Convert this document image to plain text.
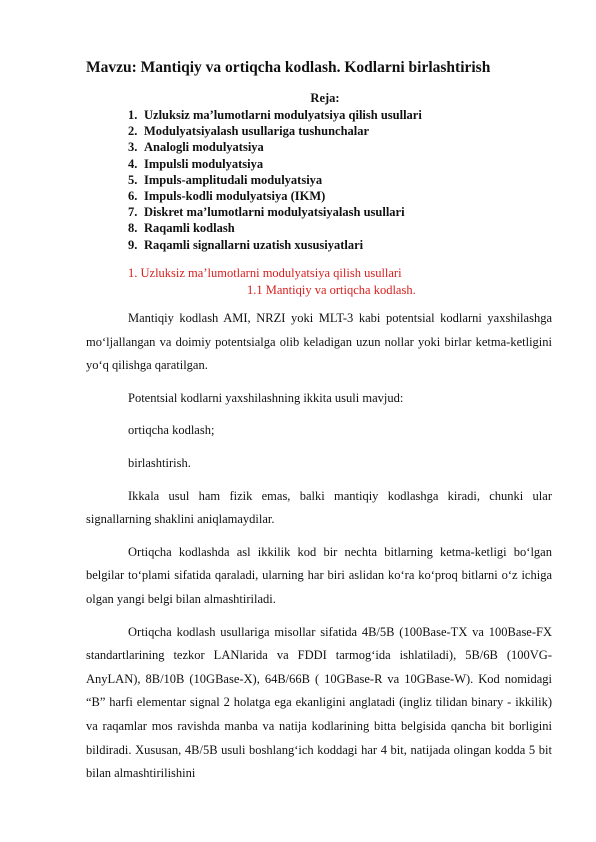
Mavzu: Mantiqiy va ortiqcha kodlash. Kodlarni birlashtirish
Reja:
1. Uzluksiz ma’lumotlarni modulyatsiya qilish usullari
2. Modulyatsiyalash usullariga tushunchalar
3. Analogli modulyatsiya
4. Impulsli modulyatsiya
5. Impuls-amplitudali modulyatsiya
6. Impuls-kodli modulyatsiya (IKM)
7. Diskret ma’lumotlarni modulyatsiyalash usullari
8. Raqamli kodlash
9. Raqamli signallarni uzatish xususiyatlari
1. Uzluksiz ma’lumotlarni modulyatsiya qilish usullari
1.1 Mantiqiy va ortiqcha kodlash.

Mantiqiy kodlash AMI, NRZI yoki MLT-3 kabi potentsial kodlarni yaxshilashga mo‘ljallangan va doimiy potentsialga olib keladigan uzun nollar yoki birlar ketma-ketligini yo‘q qilishga qaratilgan.

Potentsial kodlarni yaxshilashning ikkita usuli mavjud:

ortiqcha kodlash;

birlashtirish.

Ikkala usul ham fizik emas, balki mantiqiy kodlashga kiradi, chunki ular signallarning shaklini aniqlamaydilar.

Ortiqcha kodlashda asl ikkilik kod bir nechta bitlarning ketma-ketligi bo‘lgan belgilar to‘plami sifatida qaraladi, ularning har biri aslidan ko‘ra ko‘proq bitlarni o‘z ichiga olgan yangi belgi bilan almashtiriladi.

Ortiqcha kodlash usullariga misollar sifatida 4B/5B (100Base-TX va 100Base-FX standartlarining tezkor LANlarida va FDDI tarmog‘ida ishlatiladi), 5B/6B (100VG-AnyLAN), 8B/10B (10GBase-X), 64B/66B ( 10GBase-R va 10GBase-W). Kod nomidagi “B” harfi elementar signal 2 holatga ega ekanligini anglatadi (ingliz tilidan binary - ikkilik) va raqamlar mos ravishda manba va natija kodlarining bitta belgisida qancha bit borligini bildiradi. Xususan, 4B/5B usuli boshlang‘ich koddagi har 4 bit, natijada olingan kodda 5 bit bilan almashtirilishini
